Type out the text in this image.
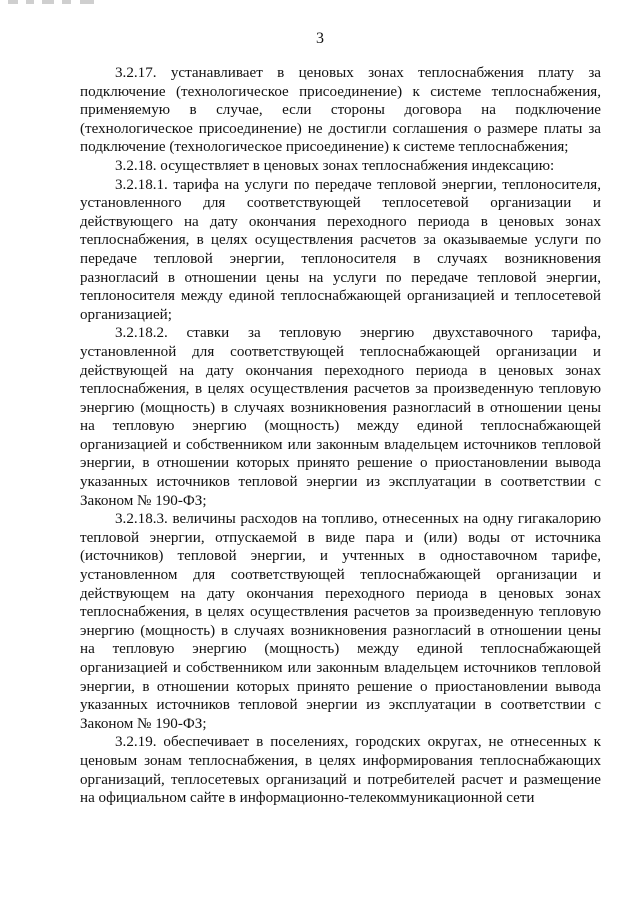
3

3.2.17. устанавливает в ценовых зонах теплоснабжения плату за подключение (технологическое присоединение) к системе теплоснабжения, применяемую в случае, если стороны договора на подключение (технологическое присоединение) не достигли соглашения о размере платы за подключение (технологическое присоединение) к системе теплоснабжения;

3.2.18. осуществляет в ценовых зонах теплоснабжения индексацию:

3.2.18.1. тарифа на услуги по передаче тепловой энергии, теплоносителя, установленного для соответствующей теплосетевой организации и действующего на дату окончания переходного периода в ценовых зонах теплоснабжения, в целях осуществления расчетов за оказываемые услуги по передаче тепловой энергии, теплоносителя в случаях возникновения разногласий в отношении цены на услуги по передаче тепловой энергии, теплоносителя между единой теплоснабжающей организацией и теплосетевой организацией;

3.2.18.2. ставки за тепловую энергию двухставочного тарифа, установленной для соответствующей теплоснабжающей организации и действующей на дату окончания переходного периода в ценовых зонах теплоснабжения, в целях осуществления расчетов за произведенную тепловую энергию (мощность) в случаях возникновения разногласий в отношении цены на тепловую энергию (мощность) между единой теплоснабжающей организацией и собственником или законным владельцем источников тепловой энергии, в отношении которых принято решение о приостановлении вывода указанных источников тепловой энергии из эксплуатации в соответствии с Законом № 190-ФЗ;

3.2.18.3. величины расходов на топливо, отнесенных на одну гигакалорию тепловой энергии, отпускаемой в виде пара и (или) воды от источника (источников) тепловой энергии, и учтенных в одноставочном тарифе, установленном для соответствующей теплоснабжающей организации и действующем на дату окончания переходного периода в ценовых зонах теплоснабжения, в целях осуществления расчетов за произведенную тепловую энергию (мощность) в случаях возникновения разногласий в отношении цены на тепловую энергию (мощность) между единой теплоснабжающей организацией и собственником или законным владельцем источников тепловой энергии, в отношении которых принято решение о приостановлении вывода указанных источников тепловой энергии из эксплуатации в соответствии с Законом № 190-ФЗ;

3.2.19. обеспечивает в поселениях, городских округах, не отнесенных к ценовым зонам теплоснабжения, в целях информирования теплоснабжающих организаций, теплосетевых организаций и потребителей расчет и размещение на официальном сайте в информационно-телекоммуникационной сети
